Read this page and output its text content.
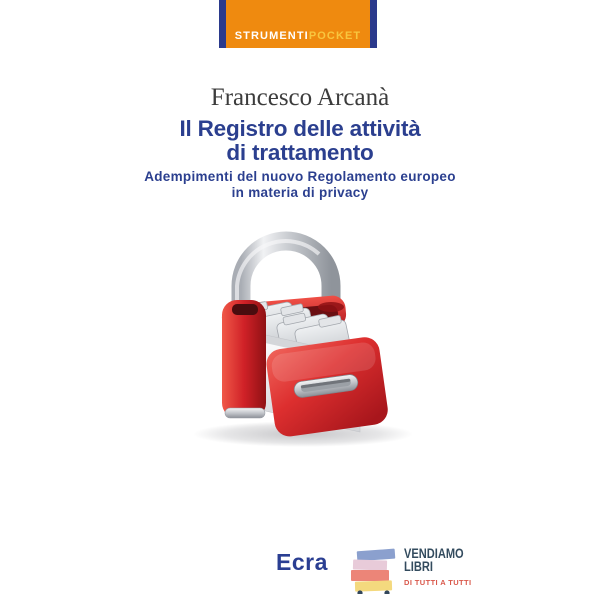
STRUMENTI POCKET
Francesco Arcanà
Il Registro delle attività
di trattamento
Adempimenti del nuovo Regolamento europeo
in materia di privacy
Ecra	VENDIAMO
LIBRI
DI TUTTI A TUTTI
